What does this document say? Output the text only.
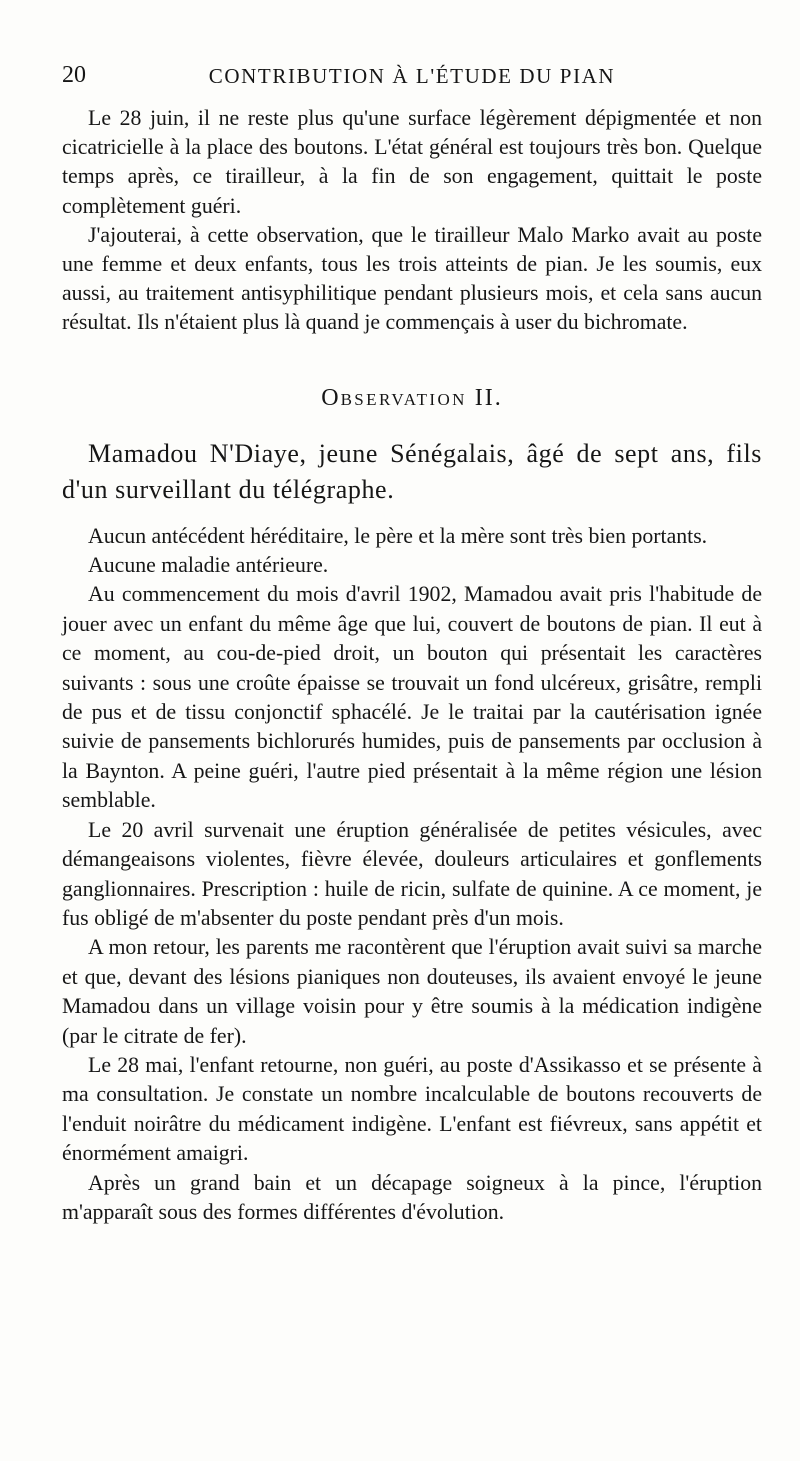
20	CONTRIBUTION À L'ÉTUDE DU PIAN

Le 28 juin, il ne reste plus qu'une surface légèrement dépigmentée et non cicatricielle à la place des boutons. L'état général est toujours très bon. Quelque temps après, ce tirailleur, à la fin de son engagement, quittait le poste complètement guéri.

J'ajouterai, à cette observation, que le tirailleur Malo Marko avait au poste une femme et deux enfants, tous les trois atteints de pian. Je les soumis, eux aussi, au traitement antisyphilitique pendant plusieurs mois, et cela sans aucun résultat. Ils n'étaient plus là quand je commençais à user du bichromate.

OBSERVATION II.

Mamadou N'Diaye, jeune Sénégalais, âgé de sept ans, fils d'un surveillant du télégraphe.

Aucun antécédent héréditaire, le père et la mère sont très bien portants.

Aucune maladie antérieure.

Au commencement du mois d'avril 1902, Mamadou avait pris l'habitude de jouer avec un enfant du même âge que lui, couvert de boutons de pian. Il eut à ce moment, au cou-de-pied droit, un bouton qui présentait les caractères suivants : sous une croûte épaisse se trouvait un fond ulcéreux, grisâtre, rempli de pus et de tissu conjonctif sphacélé. Je le traitai par la cautérisation ignée suivie de pansements bichlorurés humides, puis de pansements par occlusion à la Baynton. A peine guéri, l'autre pied présentait à la même région une lésion semblable.

Le 20 avril survenait une éruption généralisée de petites vésicules, avec démangeaisons violentes, fièvre élevée, douleurs articulaires et gonflements ganglionnaires. Prescription : huile de ricin, sulfate de quinine. A ce moment, je fus obligé de m'absenter du poste pendant près d'un mois.

A mon retour, les parents me racontèrent que l'éruption avait suivi sa marche et que, devant des lésions pianiques non douteuses, ils avaient envoyé le jeune Mamadou dans un village voisin pour y être soumis à la médication indigène (par le citrate de fer).

Le 28 mai, l'enfant retourne, non guéri, au poste d'Assikasso et se présente à ma consultation. Je constate un nombre incalculable de boutons recouverts de l'enduit noirâtre du médicament indigène. L'enfant est fiévreux, sans appétit et énormément amaigri.

Après un grand bain et un décapage soigneux à la pince, l'éruption m'apparaît sous des formes différentes d'évolution.
